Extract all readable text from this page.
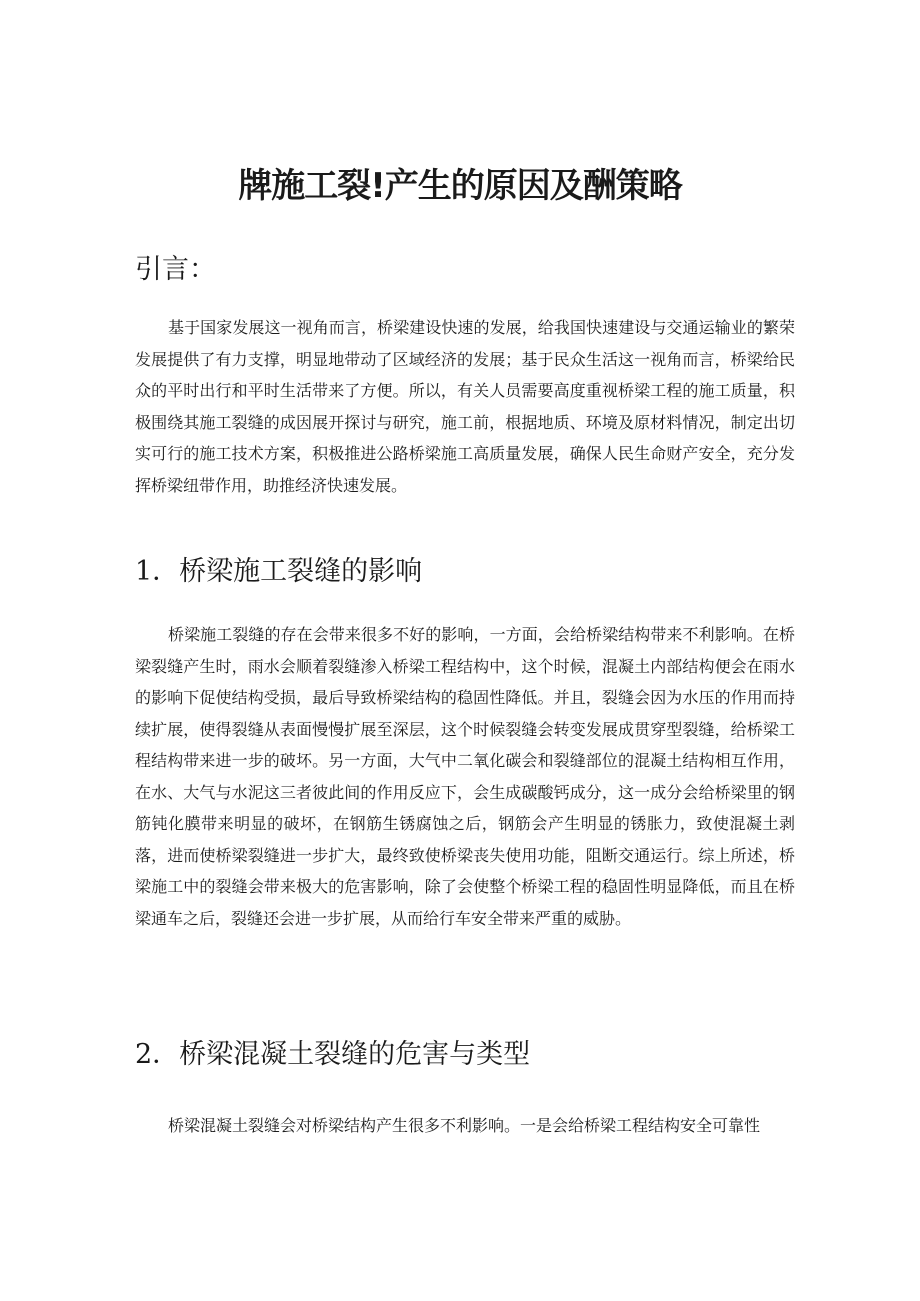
牌施工裂!产生的原因及酬策略
引言：

基于国家发展这一视角而言，桥梁建设快速的发展，给我国快速建设与交通运输业的繁荣发展提供了有力支撑，明显地带动了区域经济的发展；基于民众生活这一视角而言，桥梁给民众的平时出行和平时生活带来了方便。所以，有关人员需要高度重视桥梁工程的施工质量，积极围绕其施工裂缝的成因展开探讨与研究，施工前，根据地质、环境及原材料情况，制定出切实可行的施工技术方案，积极推进公路桥梁施工高质量发展，确保人民生命财产安全，充分发挥桥梁纽带作用，助推经济快速发展。

1．桥梁施工裂缝的影响

桥梁施工裂缝的存在会带来很多不好的影响，一方面，会给桥梁结构带来不利影响。在桥梁裂缝产生时，雨水会顺着裂缝渗入桥梁工程结构中，这个时候，混凝土内部结构便会在雨水的影响下促使结构受损，最后导致桥梁结构的稳固性降低。并且，裂缝会因为水压的作用而持续扩展，使得裂缝从表面慢慢扩展至深层，这个时候裂缝会转变发展成贯穿型裂缝，给桥梁工程结构带来进一步的破坏。另一方面，大气中二氧化碳会和裂缝部位的混凝土结构相互作用，在水、大气与水泥这三者彼此间的作用反应下，会生成碳酸钙成分，这一成分会给桥梁里的钢筋钝化膜带来明显的破坏，在钢筋生锈腐蚀之后，钢筋会产生明显的锈胀力，致使混凝土剥落，进而使桥梁裂缝进一步扩大，最终致使桥梁丧失使用功能，阻断交通运行。综上所述，桥梁施工中的裂缝会带来极大的危害影响，除了会使整个桥梁工程的稳固性明显降低，而且在桥梁通车之后，裂缝还会进一步扩展，从而给行车安全带来严重的威胁。

2．桥梁混凝土裂缝的危害与类型

桥梁混凝土裂缝会对桥梁结构产生很多不利影响。一是会给桥梁工程结构安全可靠性
